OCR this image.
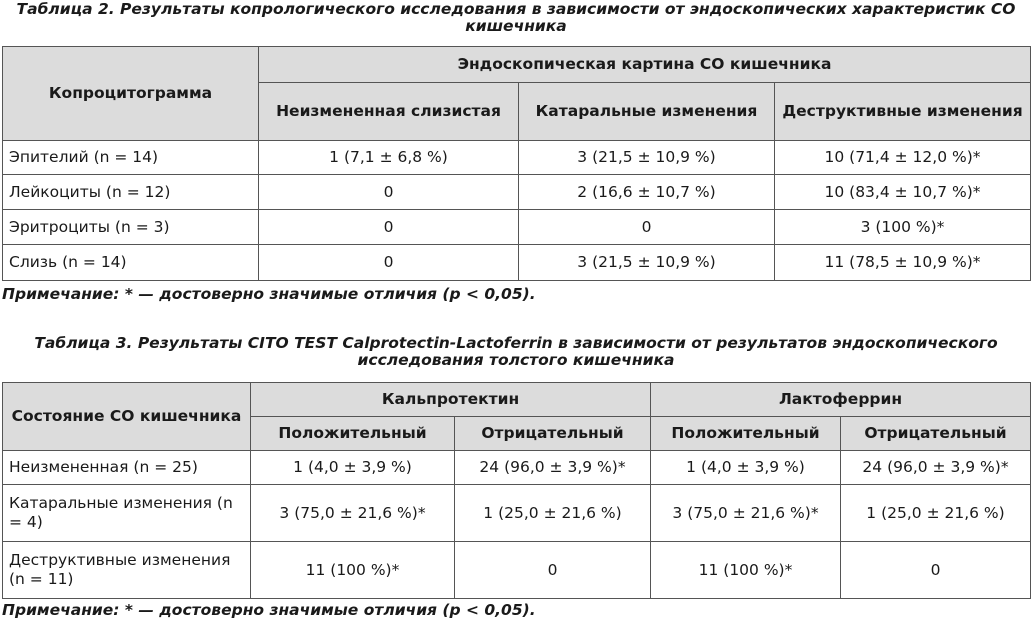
Таблица 2. Результаты копрологического исследования в зависимости от эндоскопических характеристик СО кишечника
Копроцитограмма	Эндоскопическая картина СО кишечника		
	Неизмененная слизистая	Катаральные изменения	Деструктивные изменения
Эпителий (n = 14)	1 (7,1 ± 6,8 %)	3 (21,5 ± 10,9 %)	10 (71,4 ± 12,0 %)*
Лейкоциты (n = 12)	0	2 (16,6 ± 10,7 %)	10 (83,4 ± 10,7 %)*
Эритроциты (n = 3)	0	0	3 (100 %)*
Слизь (n = 14)	0	3 (21,5 ± 10,9 %)	11 (78,5 ± 10,9 %)*
Примечание: * — достоверно значимые отличия (p < 0,05).
Таблица 3. Результаты CITO TEST Calprotectin-Lactoferrin в зависимости от результатов эндоскопического исследования толстого кишечника
Состояние СО кишечника	Кальпротектин		Лактоферрин	
	Положительный	Отрицательный	Положительный	Отрицательный
Неизмененная (n = 25)	1 (4,0 ± 3,9 %)	24 (96,0 ± 3,9 %)*	1 (4,0 ± 3,9 %)	24 (96,0 ± 3,9 %)*
Катаральные изменения (n = 4)	3 (75,0 ± 21,6 %)*	1 (25,0 ± 21,6 %)	3 (75,0 ± 21,6 %)*	1 (25,0 ± 21,6 %)
Деструктивные изменения (n = 11)	11 (100 %)*	0	11 (100 %)*	0
Примечание: * — достоверно значимые отличия (p < 0,05).
